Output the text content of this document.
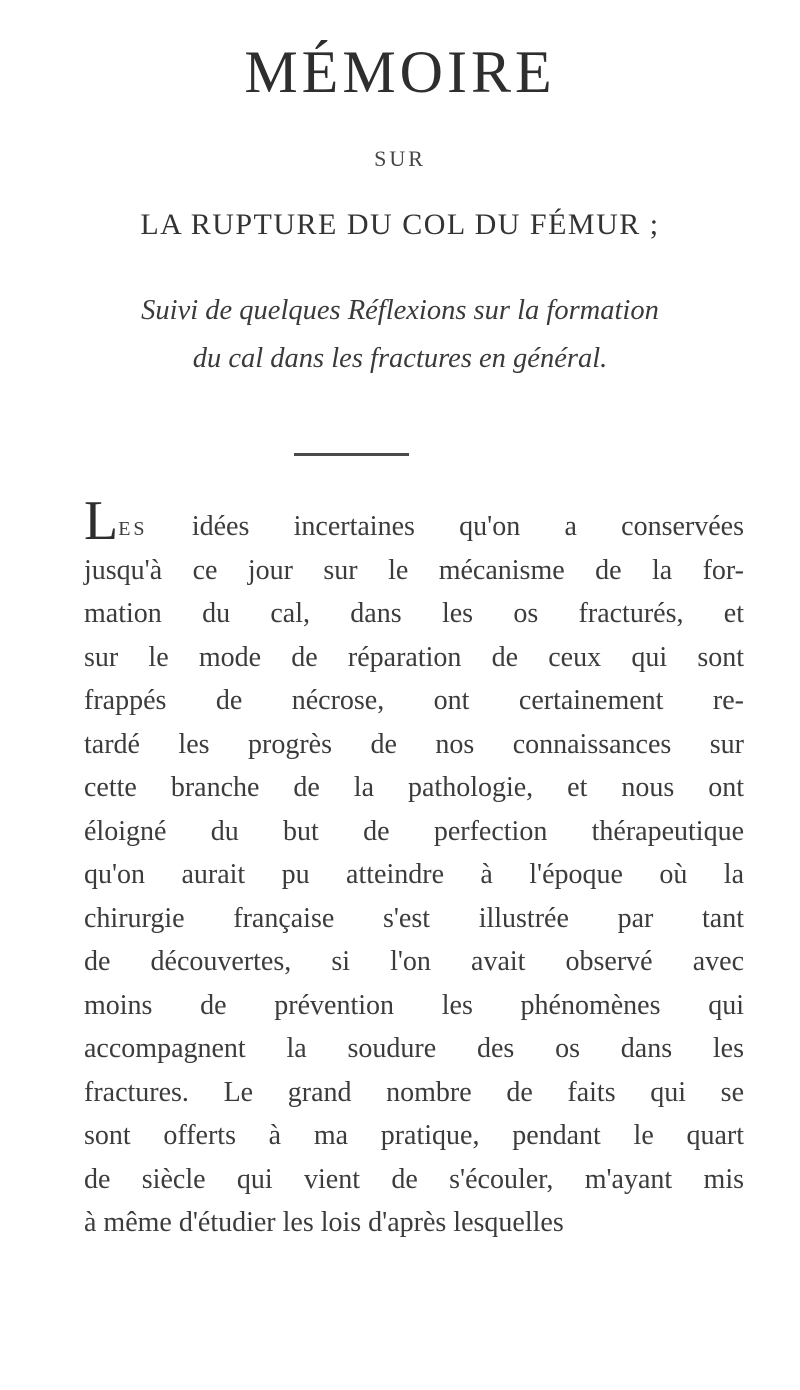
MÉMOIRE
SUR
LA RUPTURE DU COL DU FÉMUR ;
Suivi de quelques Réflexions sur la formation
du cal dans les fractures en général.
LES idées incertaines qu'on a conservées
jusqu'à ce jour sur le mécanisme de la for-
mation du cal, dans les os fracturés, et
sur le mode de réparation de ceux qui sont
frappés de nécrose, ont certainement re-
tardé les progrès de nos connaissances sur
cette branche de la pathologie, et nous ont
éloigné du but de perfection thérapeutique
qu'on aurait pu atteindre à l'époque où la
chirurgie française s'est illustrée par tant
de découvertes, si l'on avait observé avec
moins de prévention les phénomènes qui
accompagnent la soudure des os dans les
fractures. Le grand nombre de faits qui se
sont offerts à ma pratique, pendant le quart
de siècle qui vient de s'écouler, m'ayant mis
à même d'étudier les lois d'après lesquelles
